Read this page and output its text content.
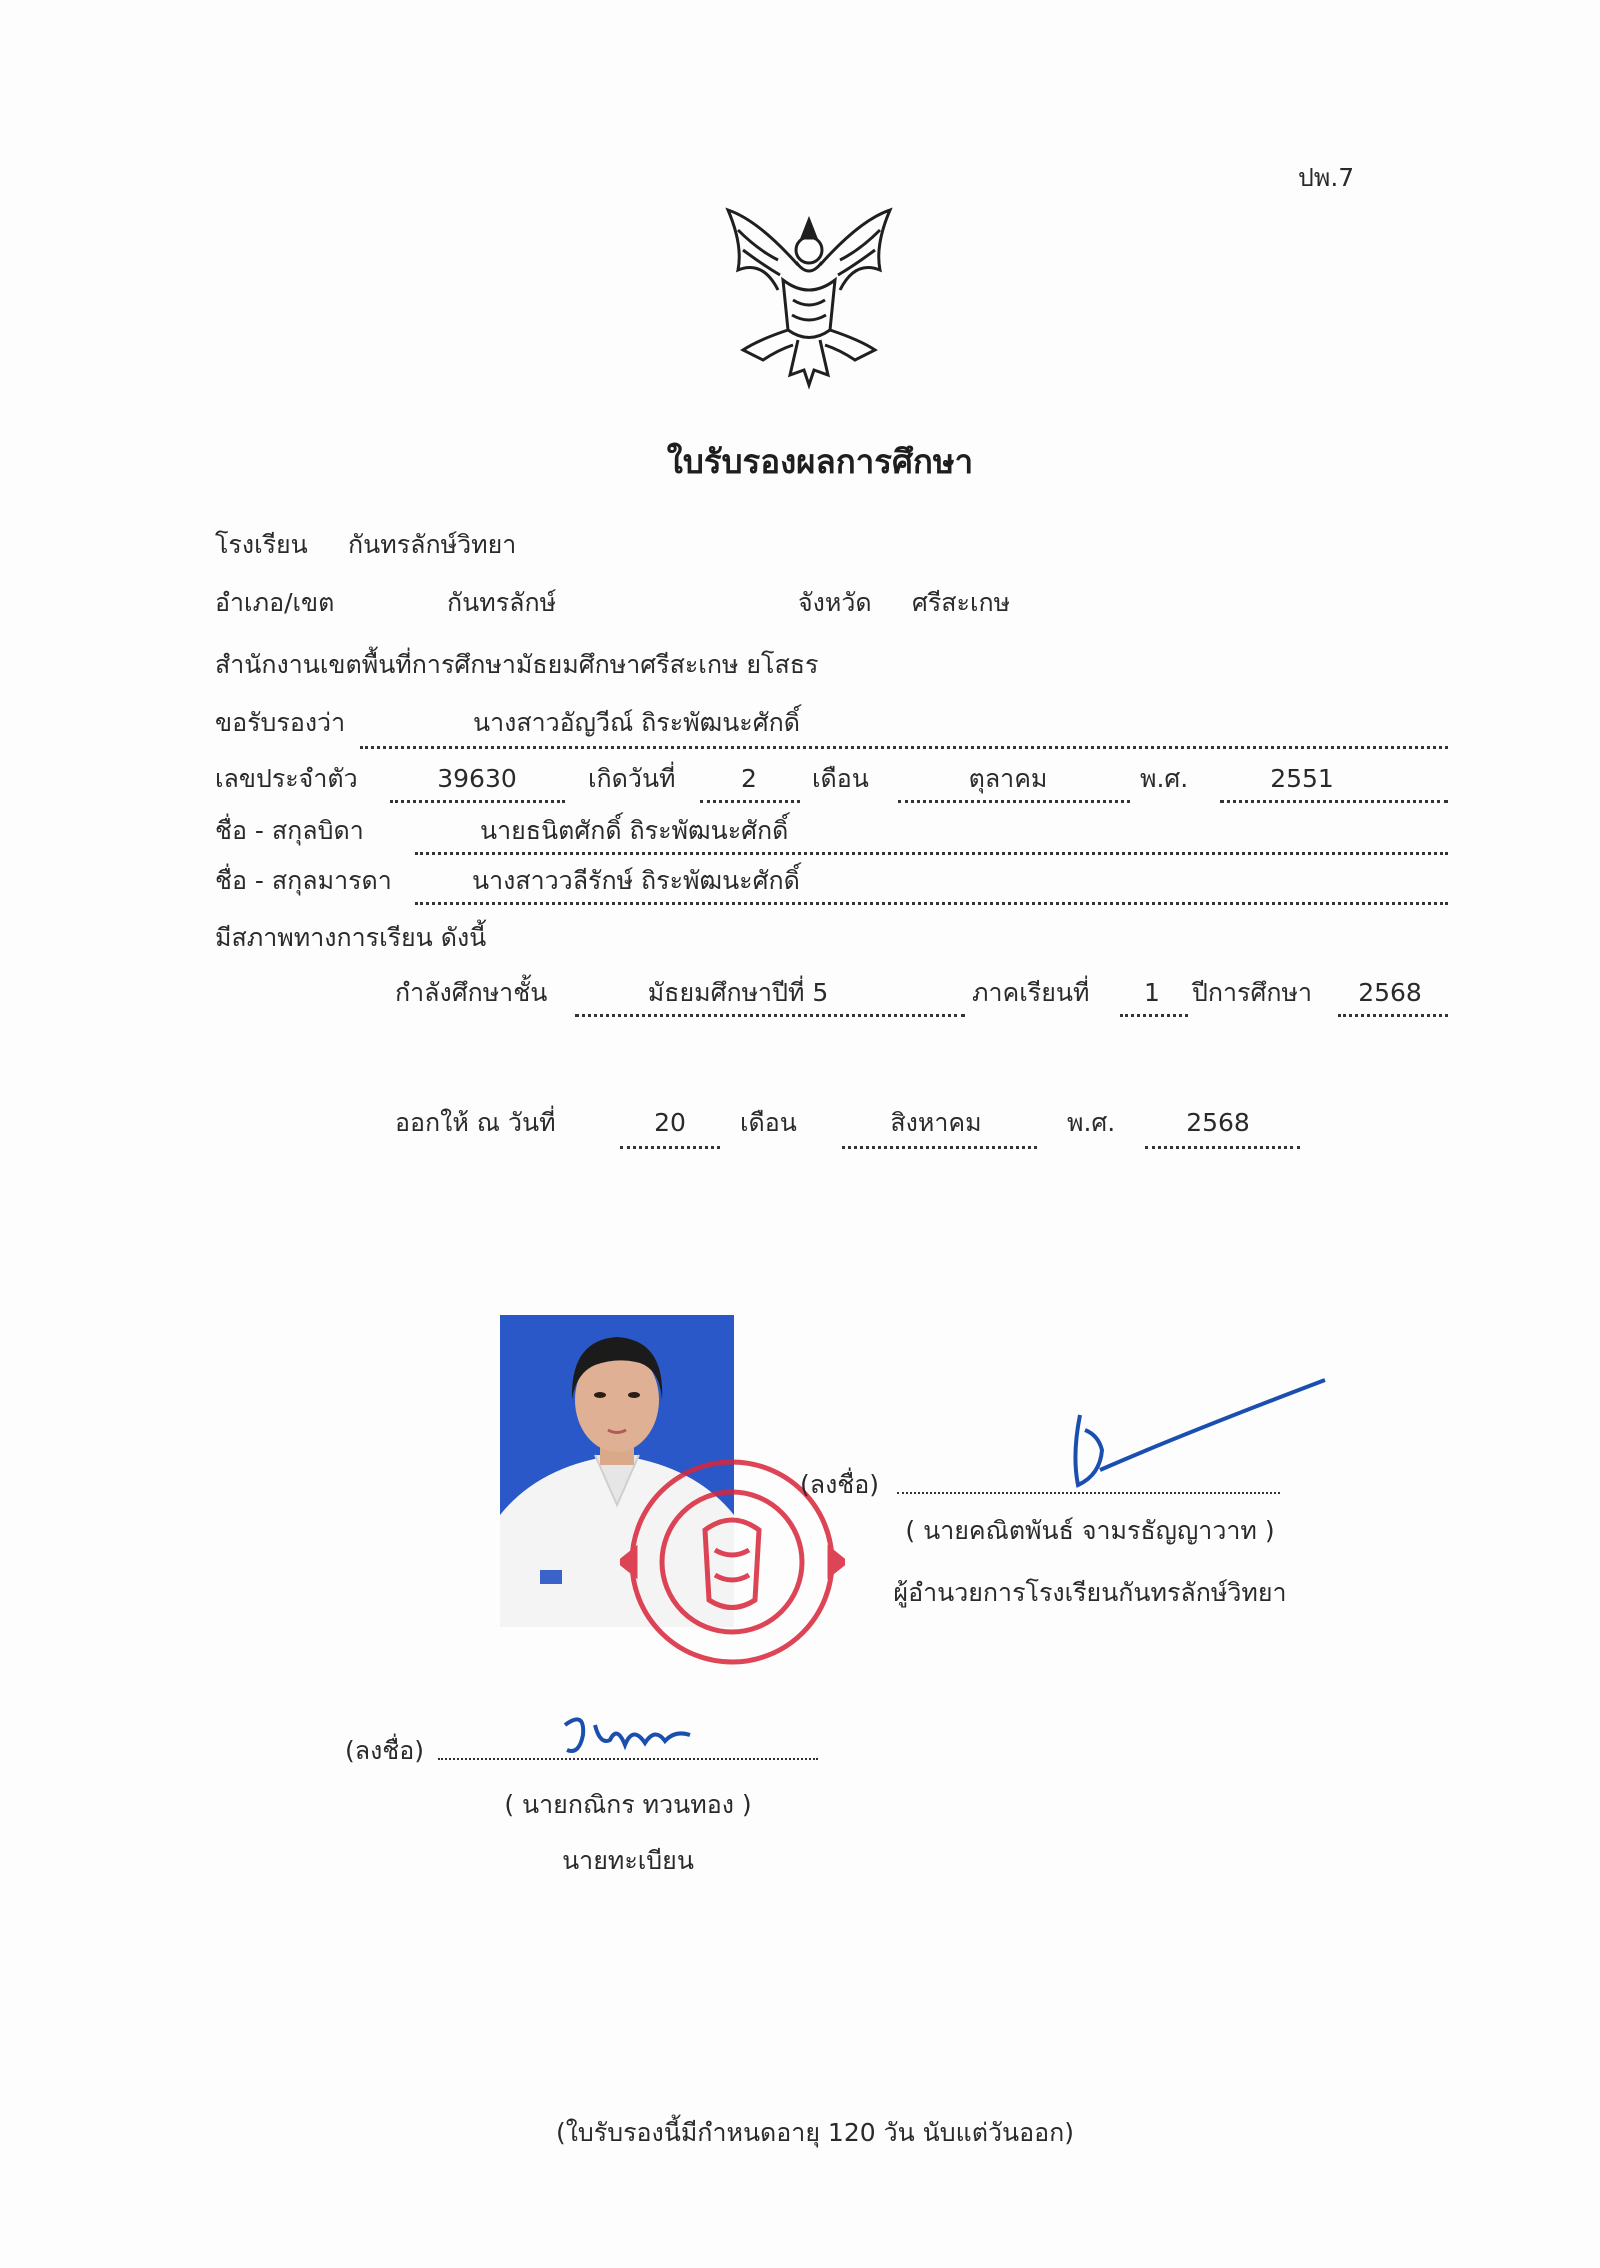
ปพ.7
ใบรับรองผลการศึกษา
โรงเรียน กันทรลักษ์วิทยา
อำเภอ/เขต	กันทรลักษ์	จังหวัด ศรีสะเกษ
สำนักงานเขตพื้นที่การศึกษามัธยมศึกษาศรีสะเกษ ยโสธร
ขอรับรองว่า	นางสาวอัญวีณ์ ถิระพัฒนะศักดิ์
เลขประจำตัว	39630	เกิดวันที่	2 เดือน	ตุลาคม	พ.ศ.	2551
ชื่อ - สกุลบิดา	นายธนิตศักดิ์ ถิระพัฒนะศักดิ์
ชื่อ - สกุลมารดา	นางสาววลีรักษ์ ถิระพัฒนะศักดิ์
มีสภาพทางการเรียน ดังนี้
กำลังศึกษาชั้น	มัธยมศึกษาปีที่ 5	ภาคเรียนที่ 1 ปีการศึกษา 2568
ออกให้ ณ วันที่	20 เดือน	สิงหาคม	พ.ศ.	2568
(ลงชื่อ)
( นายคณิตพันธ์ จามรธัญญาวาท )
ผู้อำนวยการโรงเรียนกันทรลักษ์วิทยา
(ลงชื่อ)
( นายกณิกร ทวนทอง )
นายทะเบียน
(ใบรับรองนี้มีกำหนดอายุ 120 วัน นับแต่วันออก)
